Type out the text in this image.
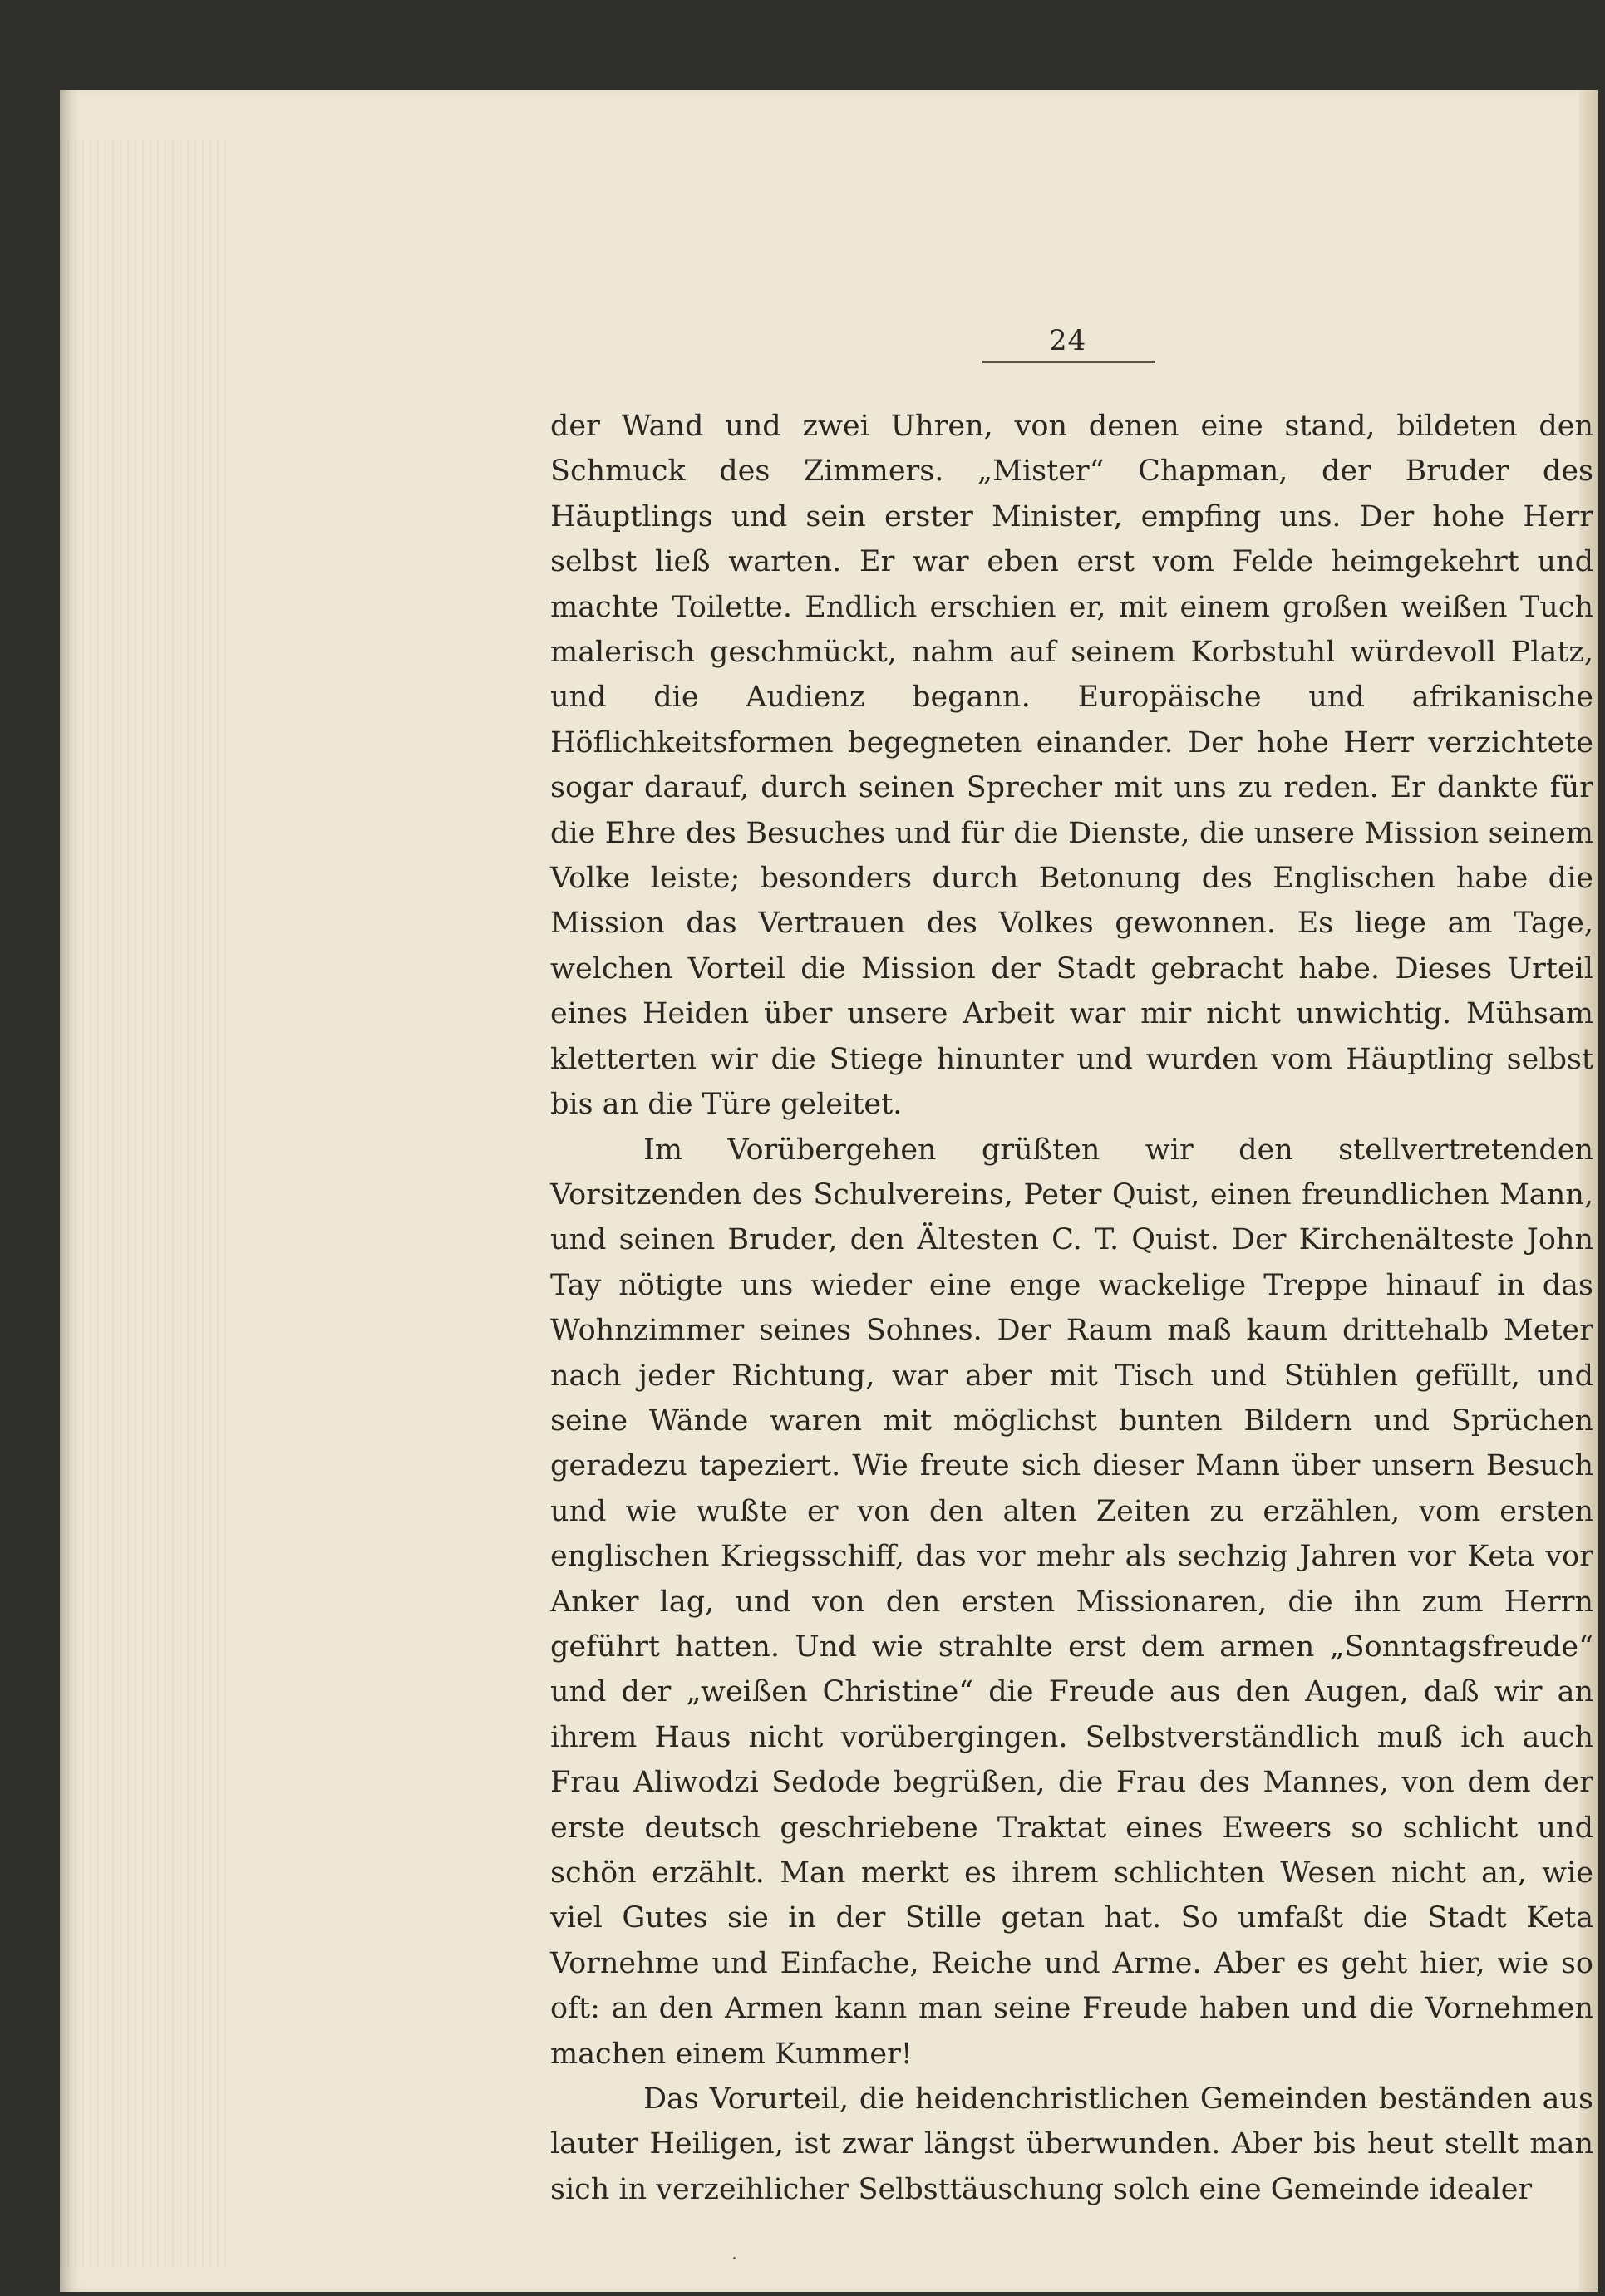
24

der Wand und zwei Uhren, von denen eine stand, bildeten den Schmuck des Zimmers. „Mister“ Chapman, der Bruder des Häuptlings und sein erster Minister, empfing uns. Der hohe Herr selbst ließ warten. Er war eben erst vom Felde heimgekehrt und machte Toilette. Endlich erschien er, mit einem großen weißen Tuch malerisch geschmückt, nahm auf seinem Korbstuhl würdevoll Platz, und die Audienz begann. Europäische und afrikanische Höflichkeitsformen begegneten einander. Der hohe Herr verzichtete sogar darauf, durch seinen Sprecher mit uns zu reden. Er dankte für die Ehre des Besuches und für die Dienste, die unsere Mission seinem Volke leiste; besonders durch Betonung des Englischen habe die Mission das Vertrauen des Volkes gewonnen. Es liege am Tage, welchen Vorteil die Mission der Stadt gebracht habe. Dieses Urteil eines Heiden über unsere Arbeit war mir nicht unwichtig. Mühsam kletterten wir die Stiege hinunter und wurden vom Häuptling selbst bis an die Türe geleitet.

Im Vorübergehen grüßten wir den stellvertretenden Vorsitzenden des Schulvereins, Peter Quist, einen freundlichen Mann, und seinen Bruder, den Ältesten C. T. Quist. Der Kirchenälteste John Tay nötigte uns wieder eine enge wackelige Treppe hinauf in das Wohnzimmer seines Sohnes. Der Raum maß kaum drittehalb Meter nach jeder Richtung, war aber mit Tisch und Stühlen gefüllt, und seine Wände waren mit möglichst bunten Bildern und Sprüchen geradezu tapeziert. Wie freute sich dieser Mann über unsern Besuch und wie wußte er von den alten Zeiten zu erzählen, vom ersten englischen Kriegsschiff, das vor mehr als sechzig Jahren vor Keta vor Anker lag, und von den ersten Missionaren, die ihn zum Herrn geführt hatten. Und wie strahlte erst dem armen „Sonntagsfreude“ und der „weißen Christine“ die Freude aus den Augen, daß wir an ihrem Haus nicht vorübergingen. Selbstverständlich muß ich auch Frau Aliwodzi Sedode begrüßen, die Frau des Mannes, von dem der erste deutsch geschriebene Traktat eines Eweers so schlicht und schön erzählt. Man merkt es ihrem schlichten Wesen nicht an, wie viel Gutes sie in der Stille getan hat. So umfaßt die Stadt Keta Vornehme und Einfache, Reiche und Arme. Aber es geht hier, wie so oft: an den Armen kann man seine Freude haben und die Vornehmen machen einem Kummer!

Das Vorurteil, die heidenchristlichen Gemeinden beständen aus lauter Heiligen, ist zwar längst überwunden. Aber bis heut stellt man sich in verzeihlicher Selbsttäuschung solch eine Gemeinde idealer
